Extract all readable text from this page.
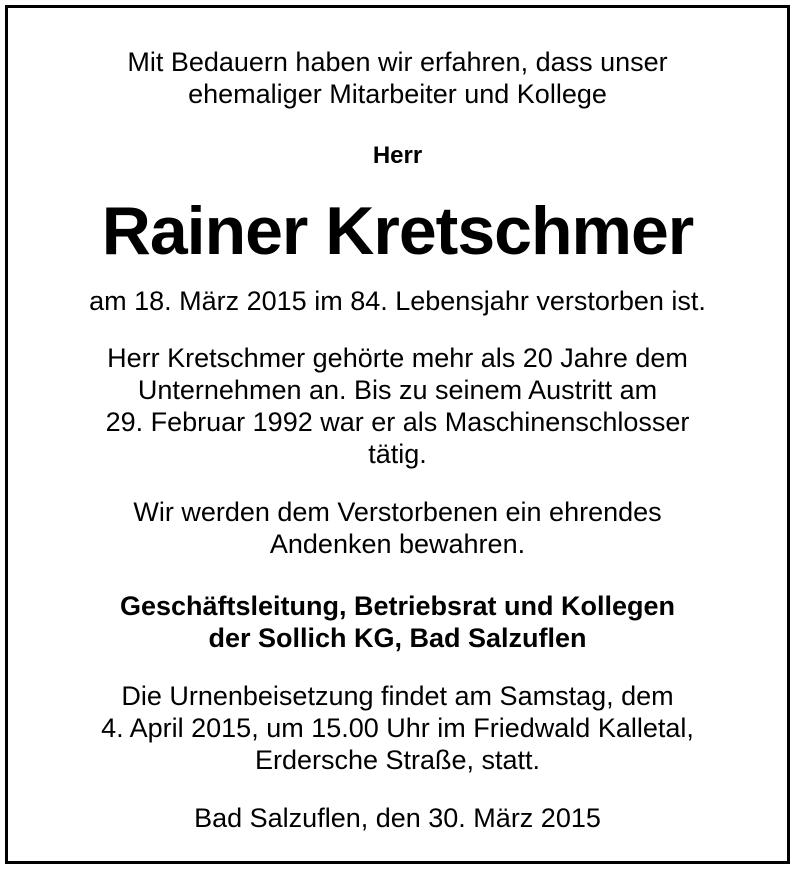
Mit Bedauern haben wir erfahren, dass unser
ehemaliger Mitarbeiter und Kollege
Herr
Rainer Kretschmer
am 18. März 2015 im 84. Lebensjahr verstorben ist.
Herr Kretschmer gehörte mehr als 20 Jahre dem
Unternehmen an. Bis zu seinem Austritt am
29. Februar 1992 war er als Maschinenschlosser
tätig.
Wir werden dem Verstorbenen ein ehrendes
Andenken bewahren.
Geschäftsleitung, Betriebsrat und Kollegen
der Sollich KG, Bad Salzuflen
Die Urnenbeisetzung findet am Samstag, dem
4. April 2015, um 15.00 Uhr im Friedwald Kalletal,
Erdersche Straße, statt.
Bad Salzuflen, den 30. März 2015
